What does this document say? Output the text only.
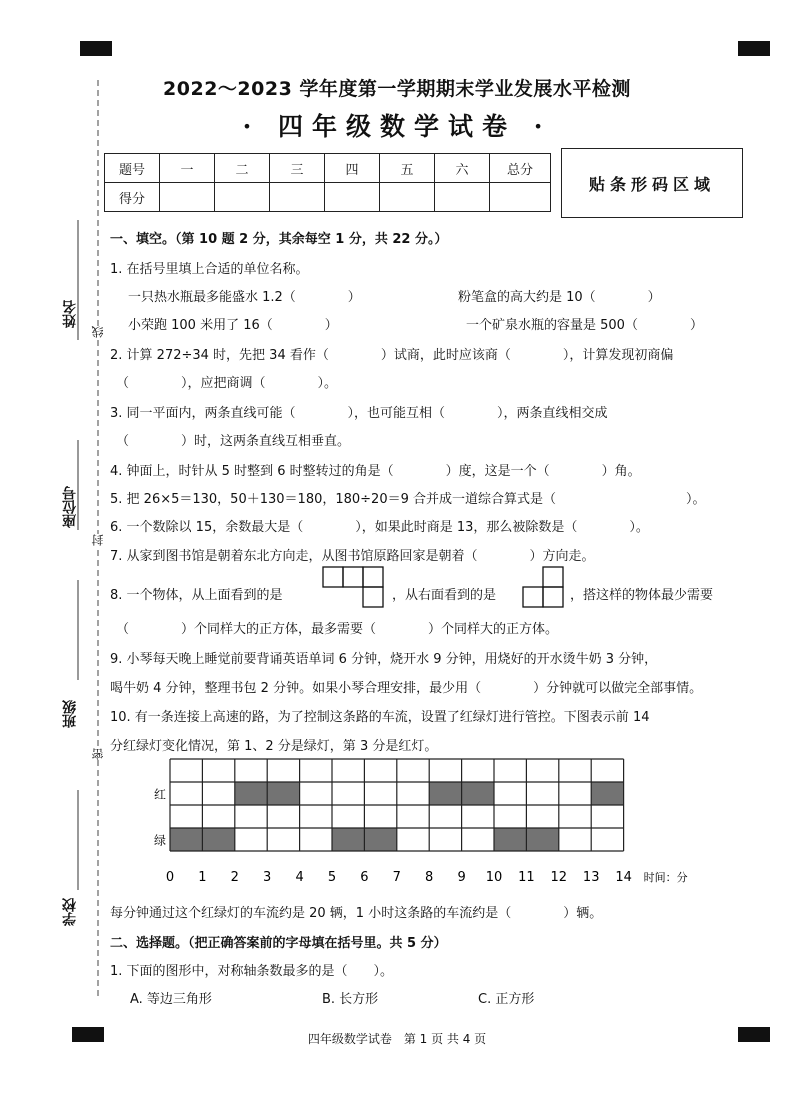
姓名
座位号
班级
学校
线
封
密
2022～2023 学年度第一学期期末学业发展水平检测
· 四年级数学试卷 ·
题号	一	二	三	四	五	六	总分
得分							
贴条形码区域
一、填空。（第 10 题 2 分，其余每空 1 分，共 22 分。）
1. 在括号里填上合适的单位名称。
一只热水瓶最多能盛水 1.2（　　　　）	粉笔盒的高大约是 10（　　　　）
小荣跑 100 米用了 16（　　　　）	一个矿泉水瓶的容量是 500（　　　　）
2. 计算 272÷34 时，先把 34 看作（　　　　）试商，此时应该商（　　　　），计算发现初商偏
（　　　　），应把商调（　　　　）。
3. 同一平面内，两条直线可能（　　　　），也可能互相（　　　　），两条直线相交成
（　　　　）时，这两条直线互相垂直。
4. 钟面上，时针从 5 时整到 6 时整转过的角是（　　　　）度，这是一个（　　　　）角。
5. 把 26×5＝130，50＋130＝180，180÷20＝9 合并成一道综合算式是（　　　　　　　　　　）。
6. 一个数除以 15，余数最大是（　　　　），如果此时商是 13，那么被除数是（　　　　）。
7. 从家到图书馆是朝着东北方向走，从图书馆原路回家是朝着（　　　　）方向走。
8. 一个物体，从上面看到的是	，从右面看到的是	，搭这样的物体最少需要
（　　　　）个同样大的正方体，最多需要（　　　　）个同样大的正方体。
9. 小琴每天晚上睡觉前要背诵英语单词 6 分钟，烧开水 9 分钟，用烧好的开水烫牛奶 3 分钟，
喝牛奶 4 分钟，整理书包 2 分钟。如果小琴合理安排，最少用（　　　　）分钟就可以做完全部事情。
10. 有一条连接上高速的路，为了控制这条路的车流，设置了红绿灯进行管控。下图表示前 14
分红绿灯变化情况，第 1、2 分是绿灯，第 3 分是红灯。
红
绿
0 1 2 3 4 5 6 7 8 9 10 11 12 13 14 时间：分
每分钟通过这个红绿灯的车流约是 20 辆，1 小时这条路的车流约是（　　　　）辆。
二、选择题。（把正确答案前的字母填在括号里。共 5 分）
1. 下面的图形中，对称轴条数最多的是（　　）。
A. 等边三角形	B. 长方形	C. 正方形
四年级数学试卷　第 1 页 共 4 页
